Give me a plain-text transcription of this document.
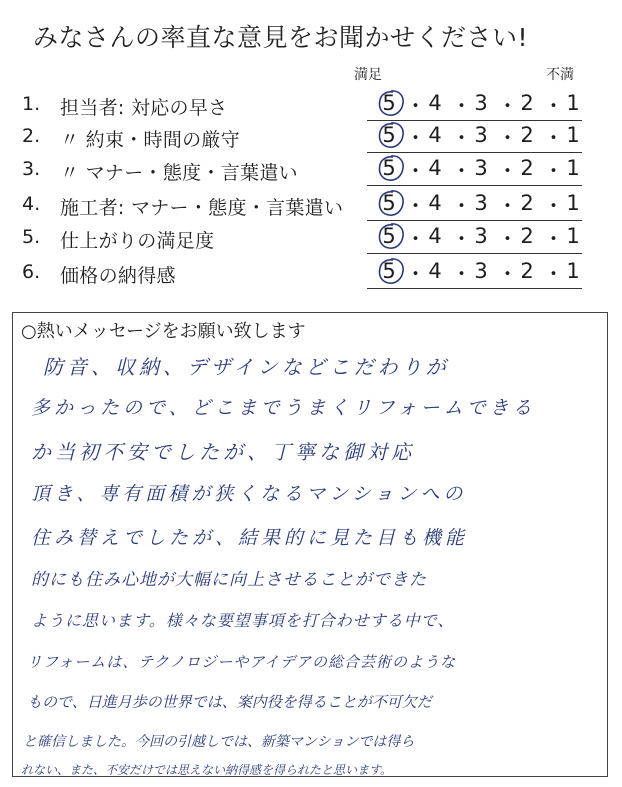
みなさんの率直な意見をお聞かせください!
満足	不満
1. 担当者: 対応の早さ	5 ・ 4 ・ 3 ・ 2 ・ 1
2. 〃 約束・時間の厳守	5 ・ 4 ・ 3 ・ 2 ・ 1
3. 〃 マナー・態度・言葉遣い	5 ・ 4 ・ 3 ・ 2 ・ 1
4. 施工者: マナー・態度・言葉遣い 5 ・ 4 ・ 3 ・ 2 ・ 1
5. 仕上がりの満足度	5 ・ 4 ・ 3 ・ 2 ・ 1
6. 価格の納得感	5 ・ 4 ・ 3 ・ 2 ・ 1
○熱いメッセージをお願い致します
防音、収納、デザインなどこだわりが
多かったので、どこまでうまくリフォームできる
か当初不安でしたが、丁寧な御対応
頂き、専有面積が狭くなるマンションへの
住み替えでしたが、結果的に見た目も機能
的にも住み心地が大幅に向上させることができた
ように思います。様々な要望事項を打合わせする中で、
リフォームは、テクノロジーやアイデアの総合芸術のような
もので、日進月歩の世界では、案内役を得ることが不可欠だ
と確信しました。今回の引越しでは、新築マンションでは得ら
れない、また、不安だけでは思えない納得感を得られたと思います。
